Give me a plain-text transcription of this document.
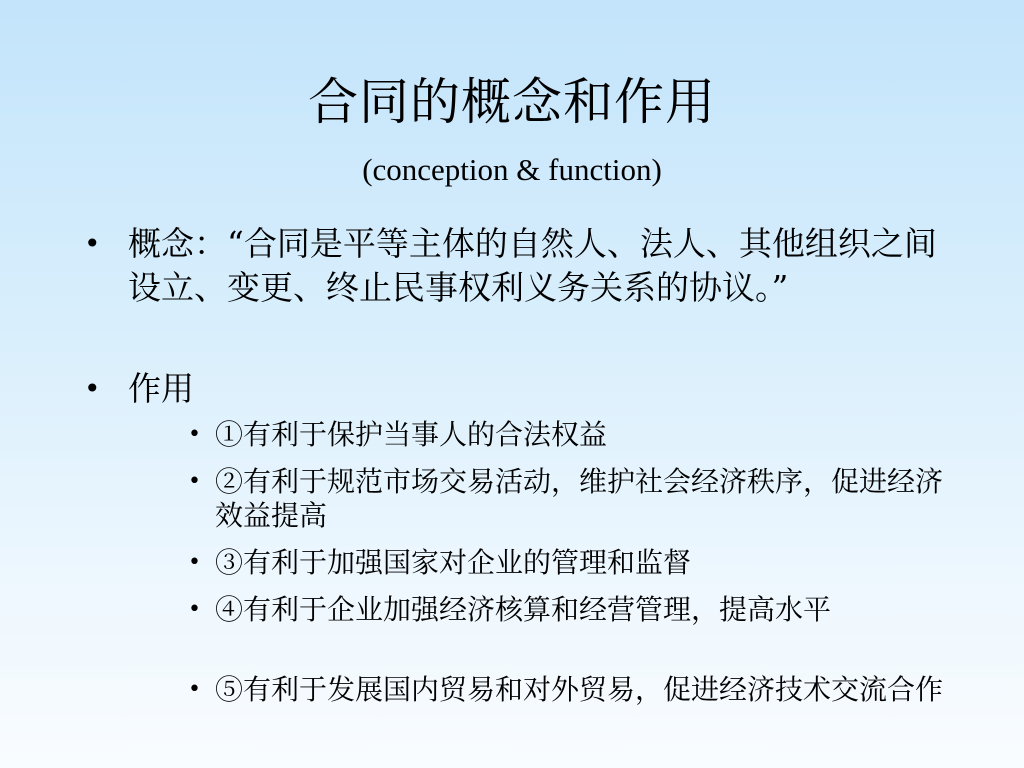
合同的概念和作用
(conception & function)
• 概念：“合同是平等主体的自然人、法人、其他组织之间设立、变更、终止民事权利义务关系的协议。”
• 作用
• ①有利于保护当事人的合法权益
• ②有利于规范市场交易活动，维护社会经济秩序，促进经济效益提高
• ③有利于加强国家对企业的管理和监督
• ④有利于企业加强经济核算和经营管理，提高水平
• ⑤有利于发展国内贸易和对外贸易，促进经济技术交流合作
